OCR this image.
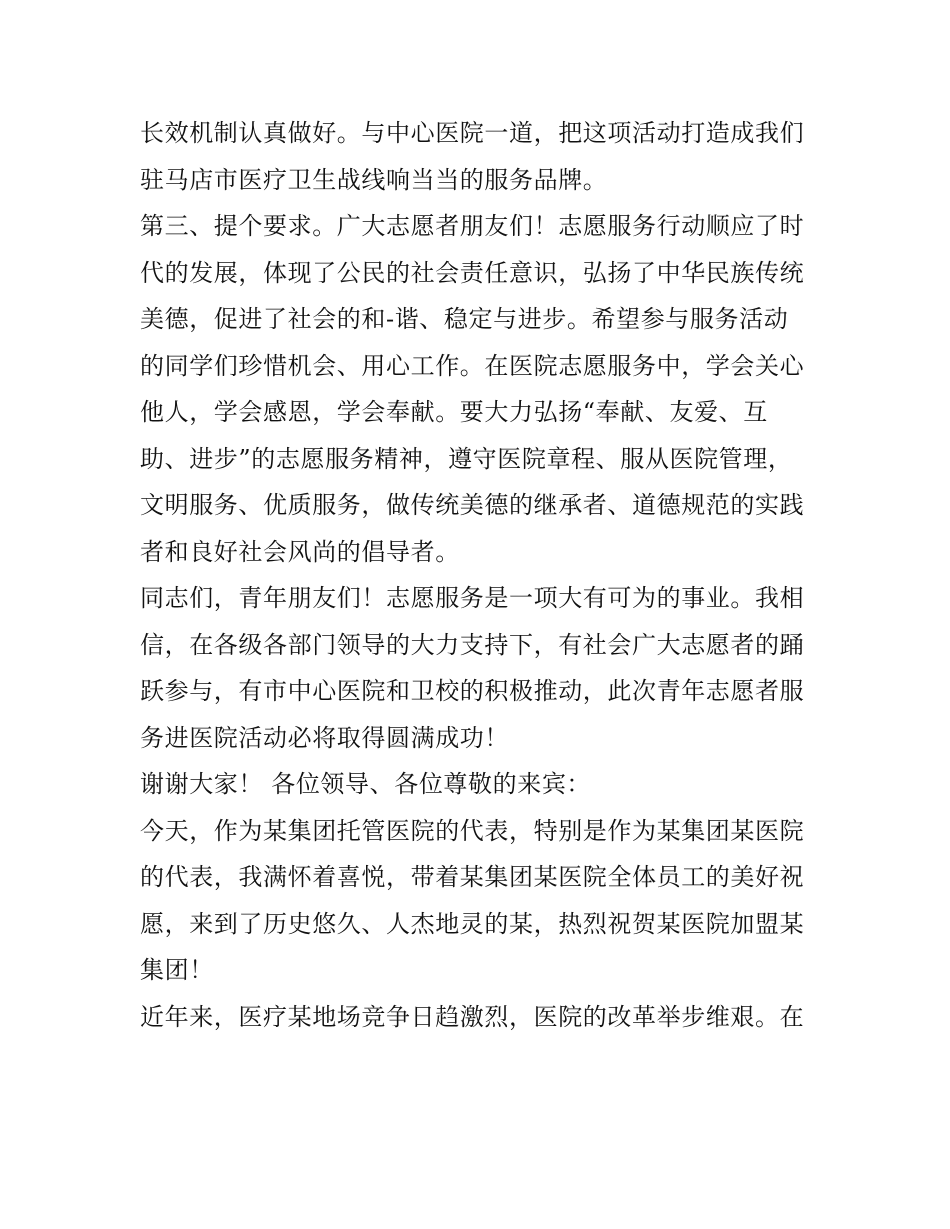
长效机制认真做好。与中心医院一道，把这项活动打造成我们
驻马店市医疗卫生战线响当当的服务品牌。
第三、提个要求。广大志愿者朋友们！志愿服务行动顺应了时
代的发展，体现了公民的社会责任意识，弘扬了中华民族传统
美德，促进了社会的和-谐、稳定与进步。希望参与服务活动
的同学们珍惜机会、用心工作。在医院志愿服务中，学会关心
他人，学会感恩，学会奉献。要大力弘扬“奉献、友爱、互
助、进步”的志愿服务精神，遵守医院章程、服从医院管理，
文明服务、优质服务，做传统美德的继承者、道德规范的实践
者和良好社会风尚的倡导者。
同志们，青年朋友们！志愿服务是一项大有可为的事业。我相
信，在各级各部门领导的大力支持下，有社会广大志愿者的踊
跃参与，有市中心医院和卫校的积极推动，此次青年志愿者服
务进医院活动必将取得圆满成功！
谢谢大家！ 各位领导、各位尊敬的来宾：
今天，作为某集团托管医院的代表，特别是作为某集团某医院
的代表，我满怀着喜悦，带着某集团某医院全体员工的美好祝
愿，来到了历史悠久、人杰地灵的某，热烈祝贺某医院加盟某
集团！
近年来，医疗某地场竞争日趋激烈，医院的改革举步维艰。在
